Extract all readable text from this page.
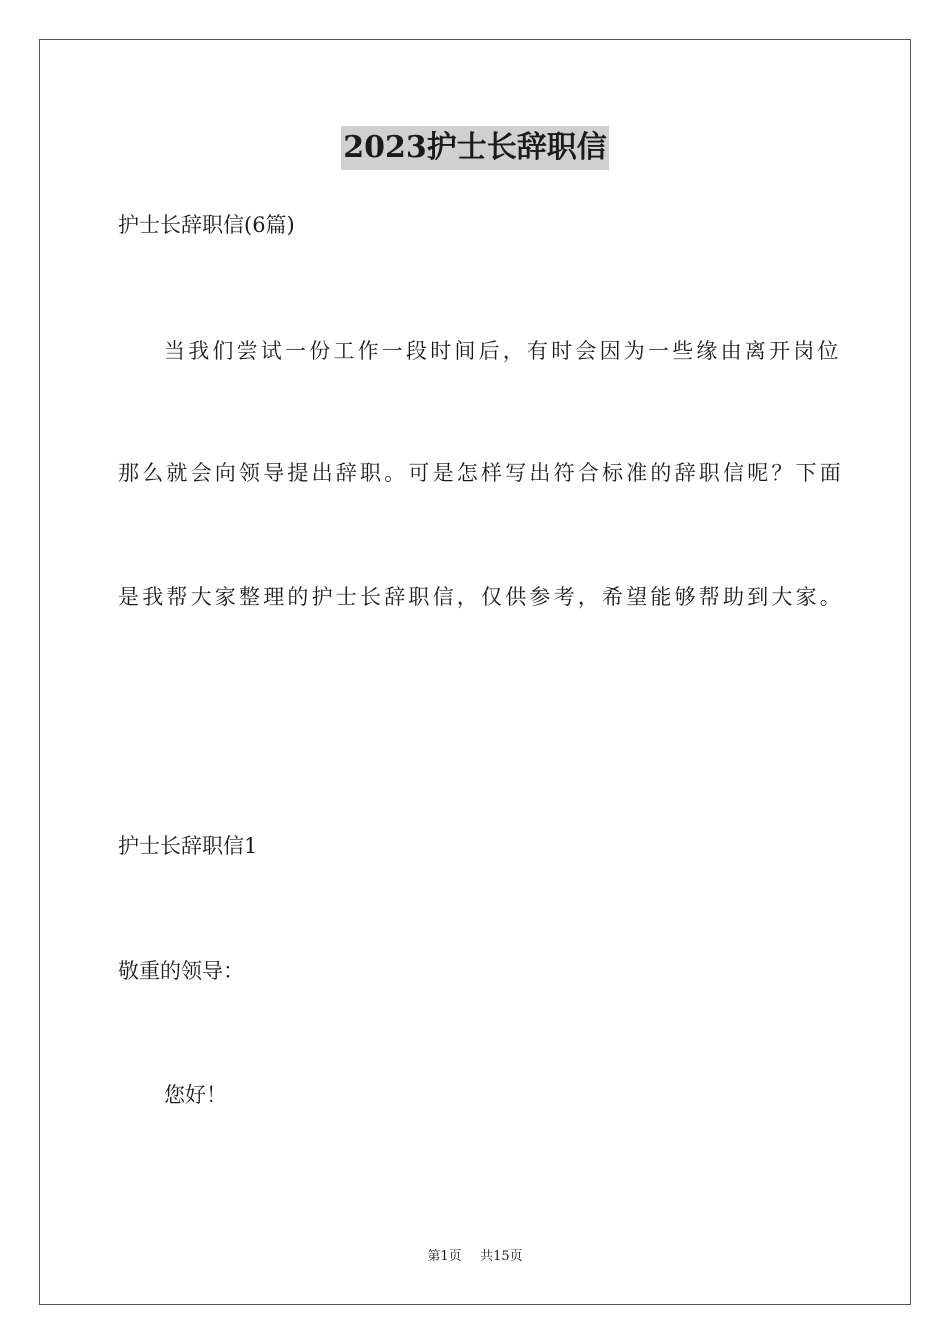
2023护士长辞职信
护士长辞职信(6篇)
当我们尝试一份工作一段时间后，有时会因为一些缘由离开岗位
那么就会向领导提出辞职。可是怎样写出符合标准的辞职信呢？下面
是我帮大家整理的护士长辞职信，仅供参考，希望能够帮助到大家。
护士长辞职信1
敬重的领导：
您好！
第1页 共15页
